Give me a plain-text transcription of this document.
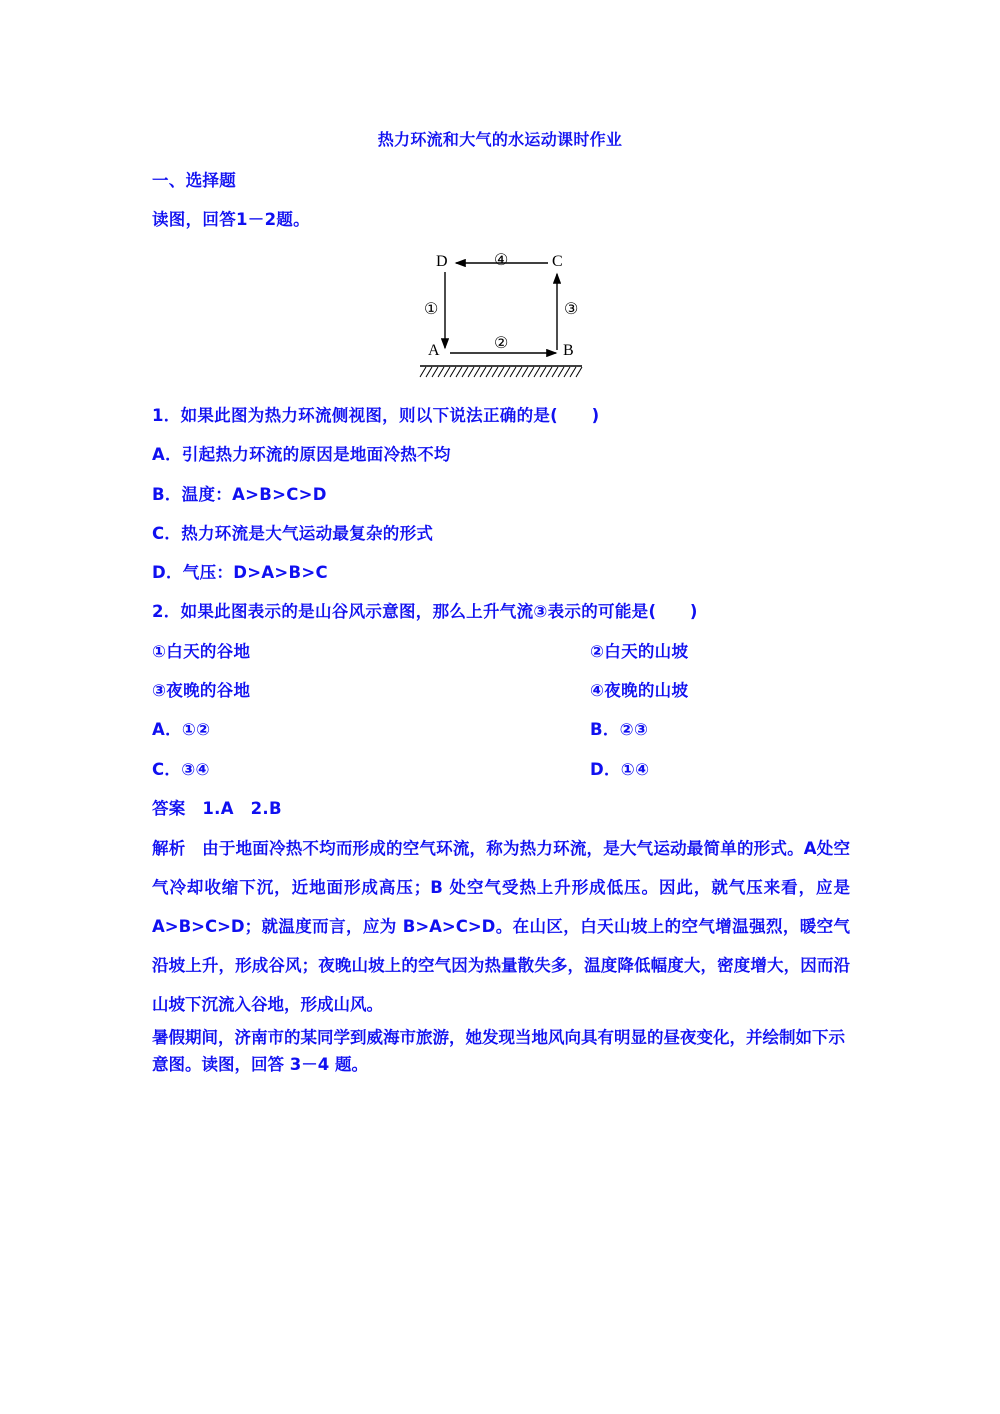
热力环流和大气的水运动课时作业
一、选择题
读图，回答1－2题。
D	C
A	B
④
①
②
③
1．如果此图为热力环流侧视图，则以下说法正确的是(　　)
A．引起热力环流的原因是地面冷热不均
B．温度：A>B>C>D
C．热力环流是大气运动最复杂的形式
D．气压：D>A>B>C
2．如果此图表示的是山谷风示意图，那么上升气流③表示的可能是(　　)
①白天的谷地	②白天的山坡
③夜晚的谷地	④夜晚的山坡
A．①②	B．②③
C．③④	D．①④
答案　1.A　2.B
解析　由于地面冷热不均而形成的空气环流，称为热力环流，是大气运动最简单的形式。A处空气冷却收缩下沉，近地面形成高压；B 处空气受热上升形成低压。因此，就气压来看，应是 A>B>C>D；就温度而言，应为 B>A>C>D。在山区，白天山坡上的空气增温强烈，暖空气沿坡上升，形成谷风；夜晚山坡上的空气因为热量散失多，温度降低幅度大，密度增大，因而沿山坡下沉流入谷地，形成山风。
暑假期间，济南市的某同学到威海市旅游，她发现当地风向具有明显的昼夜变化，并绘制如下示意图。读图，回答 3－4 题。
